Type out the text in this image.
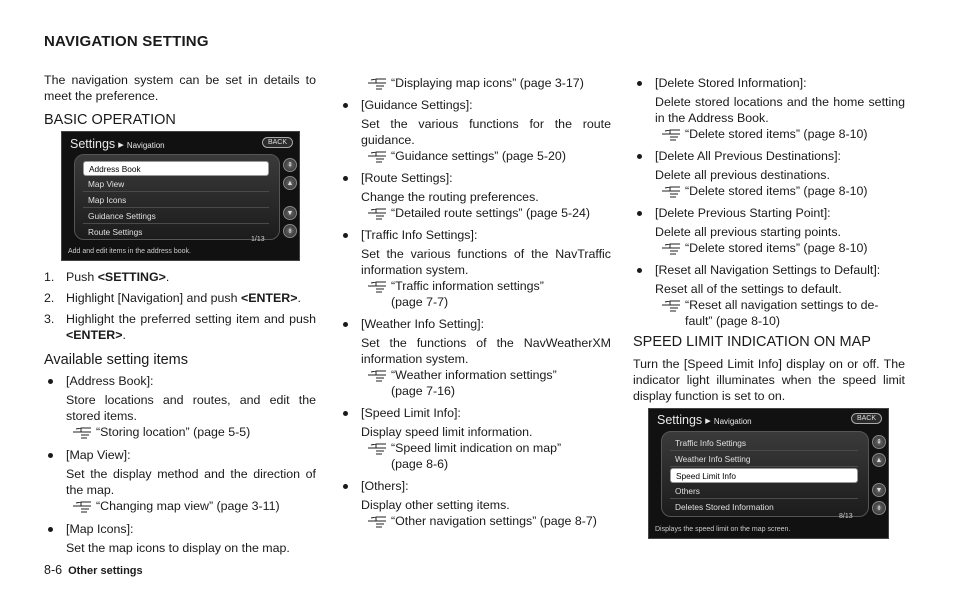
NAVIGATION SETTING

The navigation system can be set in details to meet the preference.

BASIC OPERATION

Settings ▸ Navigation	BACK
Address Book
Map View
Map Icons
Guidance Settings
Route Settings
⇞
▲
▼
⇟
Add and edit items in the address book.
1/13
1. Push <SETTING>.
2. Highlight [Navigation] and push <ENTER>.
3. Highlight the preferred setting item and push <ENTER>.

Available setting items

[Address Book]:

Store locations and routes, and edit the stored items.

“Storing location” (page 5-5)

[Map View]:

Set the display method and the direction of the map.

“Changing map view” (page 3-11)

[Map Icons]:

Set the map icons to display on the map.

“Displaying map icons” (page 3-17)

[Guidance Settings]:

Set the various functions for the route guidance.

“Guidance settings” (page 5-20)

[Route Settings]:

Change the routing preferences.

“Detailed route settings” (page 5-24)

[Traffic Info Settings]:

Set the various functions of the NavTraffic information system.

“Traffic information settings”
(page 7-7)

[Weather Info Setting]:

Set the functions of the NavWeatherXM information system.

“Weather information settings”
(page 7-16)

[Speed Limit Info]:

Display speed limit information.

“Speed limit indication on map”
(page 8-6)

[Others]:

Display other setting items.

“Other navigation settings” (page 8-7)

[Delete Stored Information]:

Delete stored locations and the home setting in the Address Book.

“Delete stored items” (page 8-10)

[Delete All Previous Destinations]:

Delete all previous destinations.

“Delete stored items” (page 8-10)

[Delete Previous Starting Point]:

Delete all previous starting points.

“Delete stored items” (page 8-10)

[Reset all Navigation Settings to Default]:

Reset all of the settings to default.

“Reset all navigation settings to de-
fault” (page 8-10)

SPEED LIMIT INDICATION ON MAP

Turn the [Speed Limit Info] display on or off. The indicator light illuminates when the speed limit display function is set to on.

Settings ▸ Navigation	BACK
Traffic Info Settings
Weather Info Setting
Speed Limit Info
Others
Deletes Stored Information
⇞
▲
▼
⇟
Displays the speed limit on the map screen.
8/13
8-6 Other settings
